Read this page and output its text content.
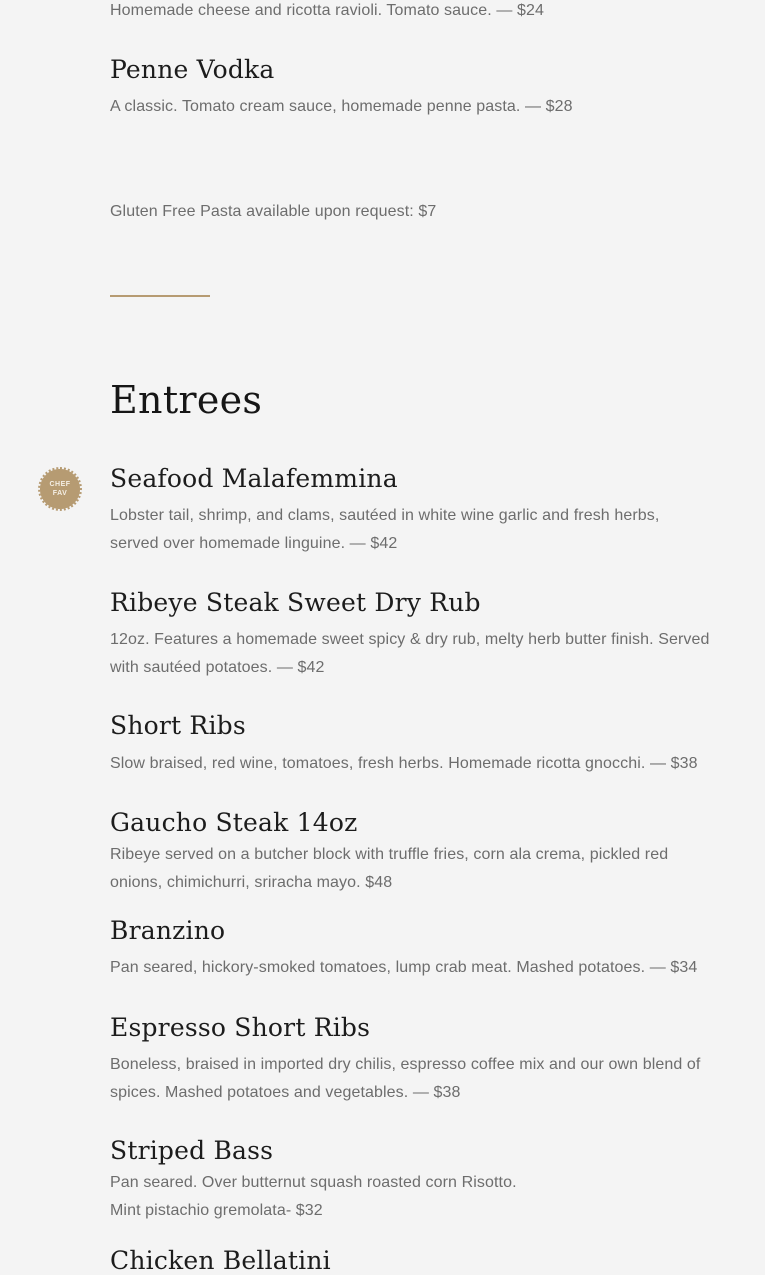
Homemade cheese and ricotta ravioli. Tomato sauce. — $24
Penne Vodka
A classic. Tomato cream sauce, homemade penne pasta. — $28
Gluten Free Pasta available upon request: $7
Entrees
CHEF
FAV
Seafood Malafemmina
Lobster tail, shrimp, and clams, sautéed in white wine garlic and fresh herbs,
served over homemade linguine. — $42
Ribeye Steak Sweet Dry Rub
12oz. Features a homemade sweet spicy & dry rub, melty herb butter finish. Served
with sautéed potatoes. — $42
Short Ribs
Slow braised, red wine, tomatoes, fresh herbs. Homemade ricotta gnocchi. — $38
Gaucho Steak 14oz
Ribeye served on a butcher block with truffle fries, corn ala crema, pickled red
onions, chimichurri, sriracha mayo. $48
Branzino
Pan seared, hickory-smoked tomatoes, lump crab meat. Mashed potatoes. — $34
Espresso Short Ribs
Boneless, braised in imported dry chilis, espresso coffee mix and our own blend of
spices. Mashed potatoes and vegetables. — $38
Striped Bass
Pan seared. Over butternut squash roasted corn Risotto.
Mint pistachio gremolata- $32
Chicken Bellatini
